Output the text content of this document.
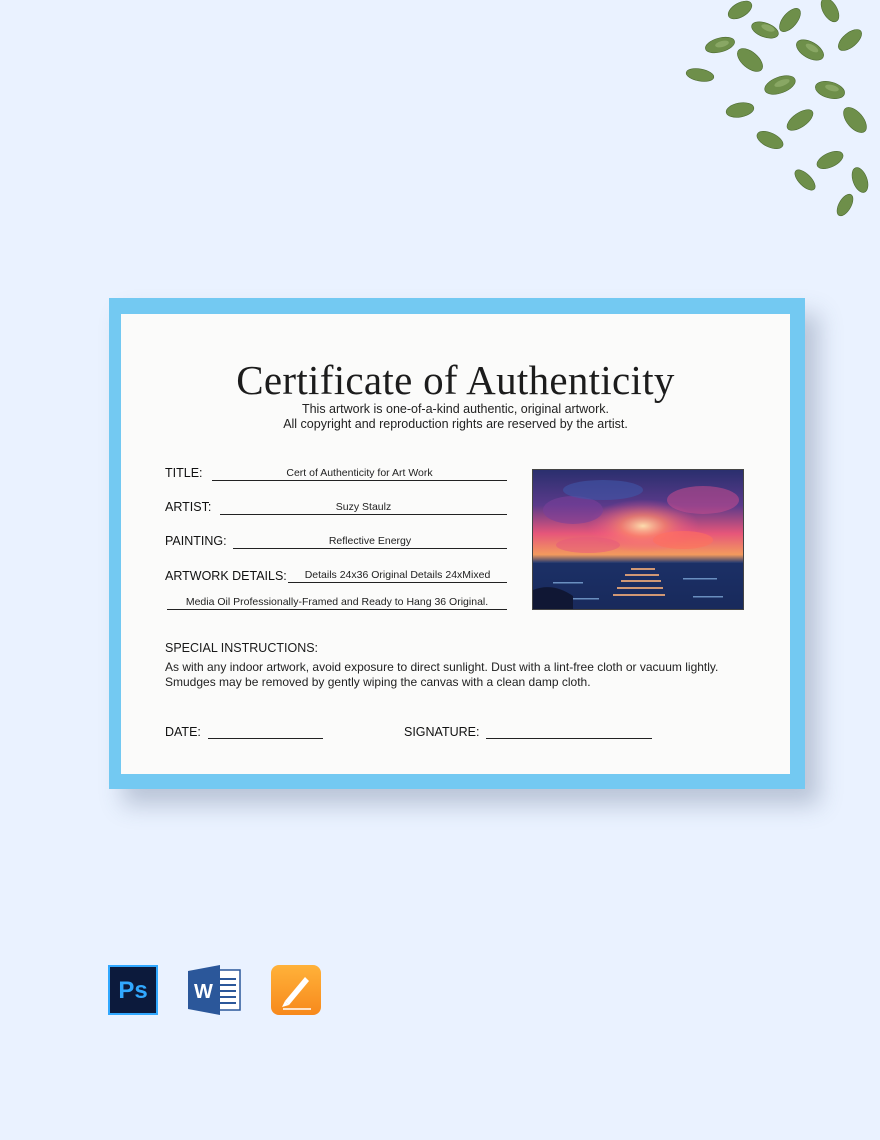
Certificate of Authenticity
This artwork is one-of-a-kind authentic, original artwork.
All copyright and reproduction rights are reserved by the artist.
TITLE:	Cert of Authenticity for Art Work
ARTIST:	Suzy Staulz
PAINTING:	Reflective Energy
ARTWORK DETAILS:	Details 24x36 Original Details 24xMixed
Media Oil Professionally-Framed and Ready to Hang 36 Original.
SPECIAL INSTRUCTIONS:
As with any indoor artwork, avoid exposure to direct sunlight. Dust with a lint-free cloth or vacuum lightly. Smudges may be removed by gently wiping the canvas with a clean damp cloth.
DATE:	SIGNATURE:
Ps	W
